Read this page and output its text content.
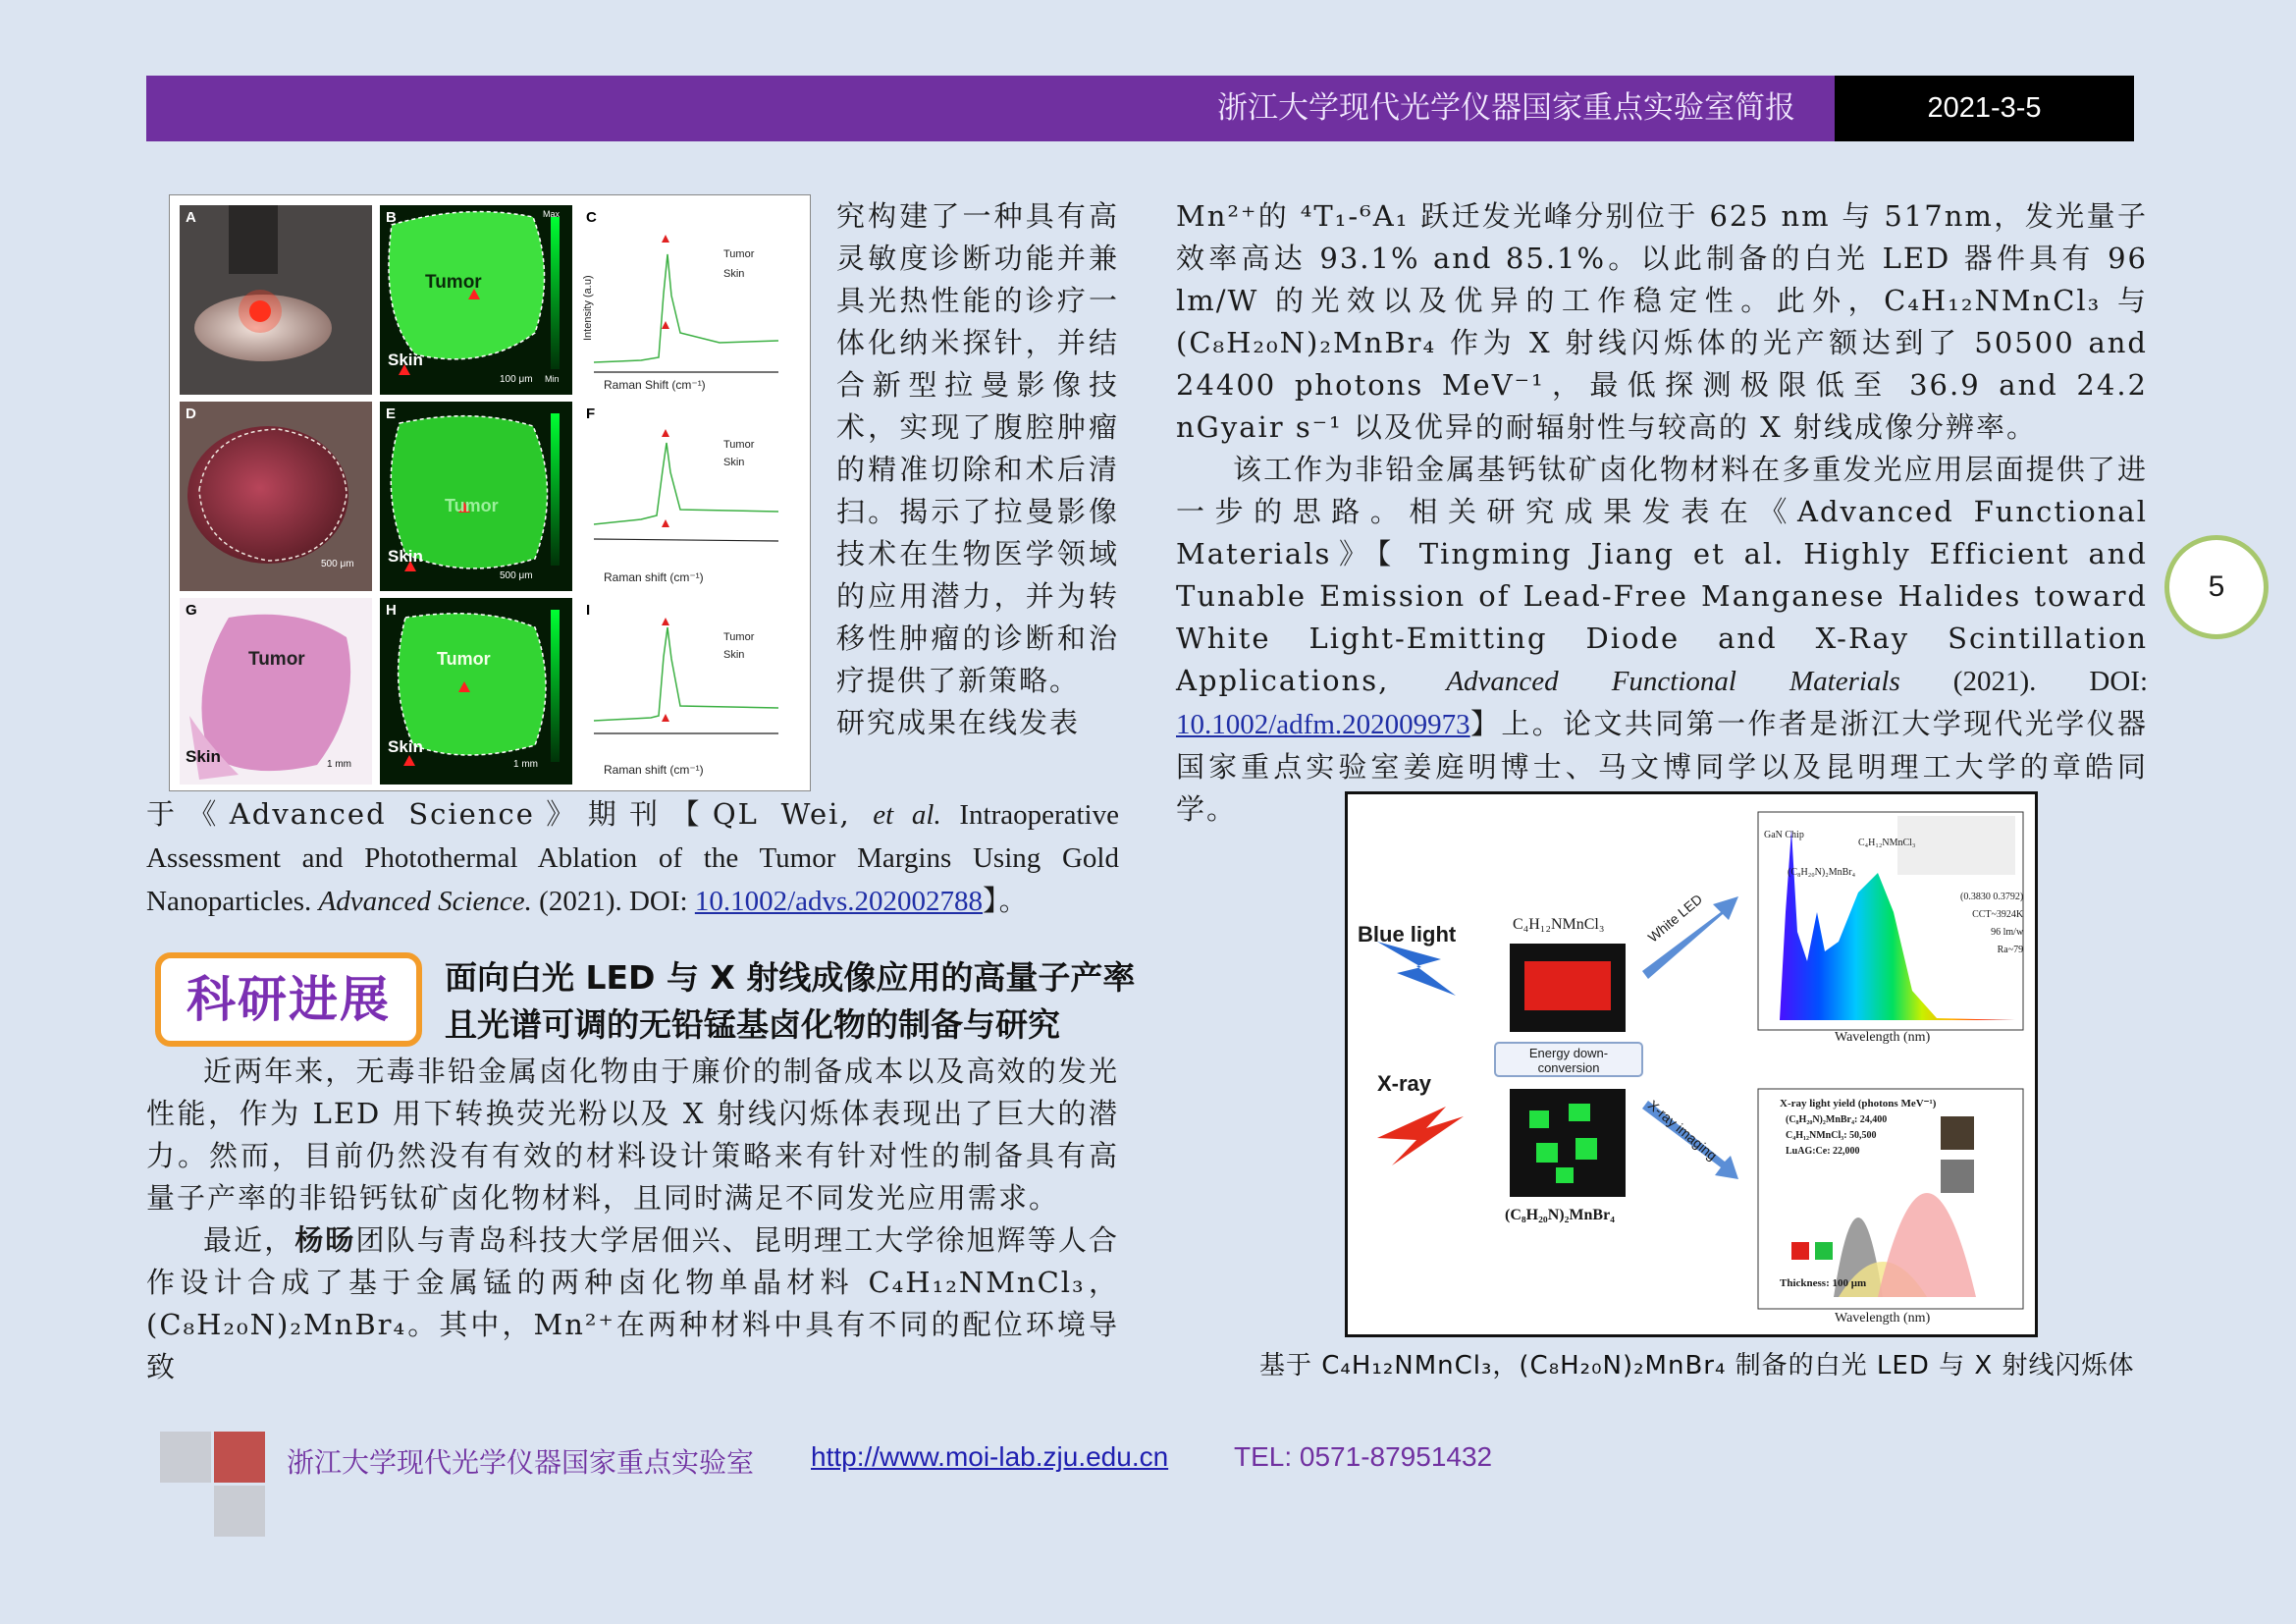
浙江大学现代光学仪器国家重点实验室简报	2021-3-5
A	B	C
D	E	F
G	H	I
Tumor
Skin
100 μm
Max
Min
500 μm
Tumor
Skin
500 μm
Tumor
Skin	1 mm
Tumor
Skin
1 mm
Tumor
Skin
Raman Shift (cm⁻¹)
Intensity (a.u)
Tumor
Skin
Raman shift (cm⁻¹)
Tumor
Skin
Raman shift (cm⁻¹)
究构建了一种具有高灵敏度诊断功能并兼具光热性能的诊疗一体化纳米探针，并结合新型拉曼影像技术，实现了腹腔肿瘤的精准切除和术后清扫。揭示了拉曼影像技术在生物医学领域的应用潜力，并为转移性肿瘤的诊断和治疗提供了新策略。
研究成果在线发表
于《Advanced Science》期刊【QL Wei, et al. Intraoperative Assessment and Photothermal Ablation of the Tumor Margins Using Gold Nanoparticles. Advanced Science. (2021). DOI: 10.1002/advs.202002788】。
科研进展	面向白光 LED 与 X 射线成像应用的高量子产率
且光谱可调的无铅锰基卤化物的制备与研究
近两年来，无毒非铅金属卤化物由于廉价的制备成本以及高效的发光性能，作为 LED 用下转换荧光粉以及 X 射线闪烁体表现出了巨大的潜力。然而，目前仍然没有有效的材料设计策略来有针对性的制备具有高量子产率的非铅钙钛矿卤化物材料，且同时满足不同发光应用需求。
最近，杨旸团队与青岛科技大学居佃兴、昆明理工大学徐旭辉等人合作设计合成了基于金属锰的两种卤化物单晶材料 C₄H₁₂NMnCl₃，(C₈H₂₀N)₂MnBr₄。其中，Mn²⁺在两种材料中具有不同的配位环境导致
Mn²⁺的 ⁴T₁-⁶A₁ 跃迁发光峰分别位于 625 nm 与 517nm，发光量子效率高达 93.1% and 85.1%。以此制备的白光 LED 器件具有 96 lm/W 的光效以及优异的工作稳定性。此外，C₄H₁₂NMnCl₃ 与(C₈H₂₀N)₂MnBr₄ 作为 X 射线闪烁体的光产额达到了 50500 and 24400 photons MeV⁻¹，最低探测极限低至 36.9 and 24.2 nGyair s⁻¹ 以及优异的耐辐射性与较高的 X 射线成像分辨率。
该工作为非铅金属基钙钛矿卤化物材料在多重发光应用层面提供了进一步的思路。相关研究成果发表在《Advanced Functional Materials》【 Tingming Jiang et al. Highly Efficient and Tunable Emission of Lead-Free Manganese Halides toward White Light-Emitting Diode and X-Ray Scintillation Applications, Advanced Functional Materials (2021). DOI: 10.1002/adfm.202009973】上。论文共同第一作者是浙江大学现代光学仪器国家重点实验室姜庭明博士、马文博同学以及昆明理工大学的章皓同学。
5
Blue light
X-ray
C₄H₁₂NMnCl₃
(C₈H₂₀N)₂MnBr₄
Energy down-conversion
White LED
X-ray imaging
GaN Chip
(C₈H₂₀N)₂MnBr₄
C₄H₁₂NMnCl₃
(0.3830 0.3792)
CCT~3924K
96 lm/w
Ra~79
Wavelength (nm)
X-ray light yield (photons MeV⁻¹)
(C₈H₂₀N)₂MnBr₄: 24,400
C₄H₁₂NMnCl₃: 50,500
LuAG:Ce: 22,000
Thickness: 100 μm
Wavelength (nm)
基于 C₄H₁₂NMnCl₃，(C₈H₂₀N)₂MnBr₄ 制备的白光 LED 与 X 射线闪烁体
浙江大学现代光学仪器国家重点实验室 http://www.moi-lab.zju.edu.cn TEL: 0571-87951432
